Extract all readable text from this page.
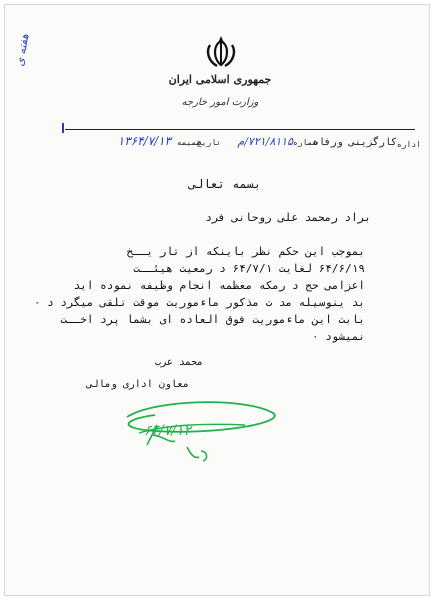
هفته ی
جمهوری اسلامی ایران
وزارت امور خارجه
اداره
کارگزینی ورفاه
شماره
۷۲۱/۸۱۱۵/م
تاریخ
ضمیمه
۱۳۶۴/۷/۱۳
بسمه تعالی
براد رمحمد علی روحانی فرد
بموجب این حکم نظر باینکه از تار یــخ
۶۴/۶/۱۹ لغایت ۶۴/۷/۱ د رمعیت هیئــت
اعزامی حج د رمکه معظمه انجام وظیفه نموده اید
بد ینوسیله مد ت مذکور ماءموریت موقت تلقی میگرد د ۰
بابت این ماءموریت فوق العاده ای بشما پرد اخــت
نمیشود ۰
محمد عرب
معاون اداری ومالی
۶۴/۷/۱۲
